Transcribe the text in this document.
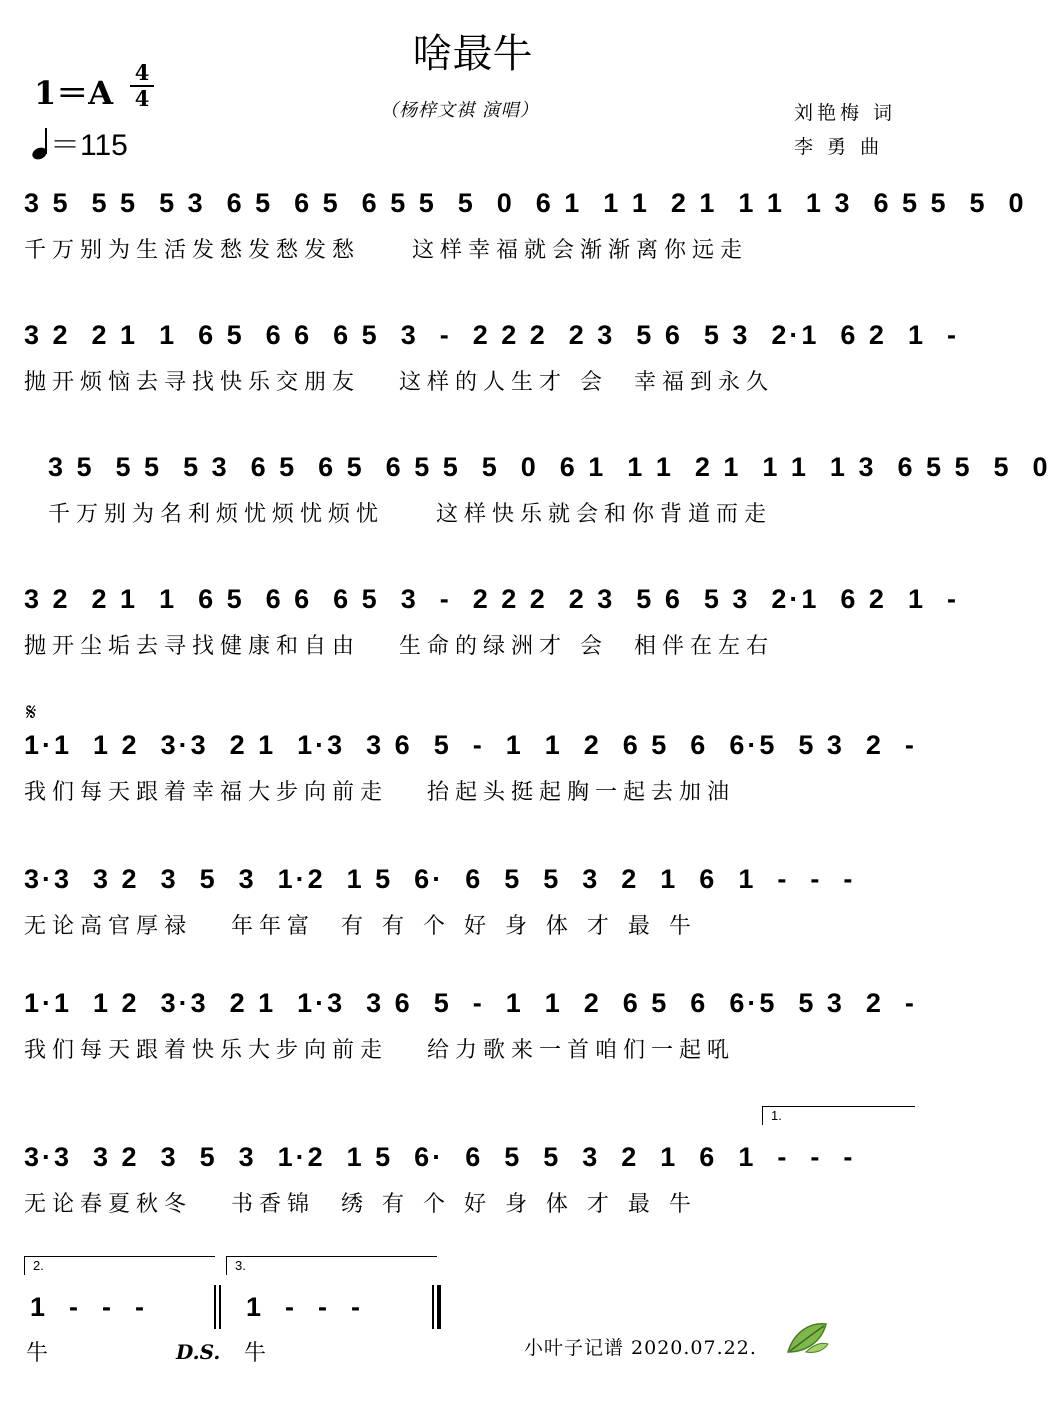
啥最牛
1＝A
4
4
＝115
（杨梓文祺 演唱）	刘艳梅 词
李 勇 曲
3 5  5 5  5 3  6 5  6 5  6 5 5  5  0  6 1  1 1  2 1  1 1  1 3  6 5 5  5  0
千万别为生活发愁发愁发愁    这样幸福就会渐渐离你远走
3 2  2 1  1  6 5  6 6  6 5  3  -  2 2 2  2 3  5 6  5 3  2·1  6 2  1  -
抛开烦恼去寻找快乐交朋友   这样的人生才 会  幸福到永久
3 5  5 5  5 3  6 5  6 5  6 5 5  5  0  6 1  1 1  2 1  1 1  1 3  6 5 5  5  0
千万别为名利烦忧烦忧烦忧    这样快乐就会和你背道而走
3 2  2 1  1  6 5  6 6  6 5  3  -  2 2 2  2 3  5 6  5 3  2·1  6 2  1  -
抛开尘垢去寻找健康和自由   生命的绿洲才 会  相伴在左右
𝄋
1·1  1 2  3·3  2 1  1·3  3 6  5  -  1  1  2  6 5  6  6·5  5 3  2  -
我们每天跟着幸福大步向前走   抬起头挺起胸一起去加油
3·3  3 2  3  5  3  1·2  1 5  6·  6  5  5  3  2  1  6  1  -  -  -
无论高官厚禄   年年富  有 有 个 好 身 体 才 最 牛
1·1  1 2  3·3  2 1  1·3  3 6  5  -  1  1  2  6 5  6  6·5  5 3  2  -
我们每天跟着快乐大步向前走   给力歌来一首咱们一起吼
1.
3·3  3 2  3  5  3  1·2  1 5  6·  6  5  5  3  2  1  6  1  -  -  -
无论春夏秋冬   书香锦  绣 有 个 好 身 体 才 最 牛
2.	3.
1  -  -  -	1  -  -  -
牛	D.S. 牛	小叶子记谱 2020.07.22.
